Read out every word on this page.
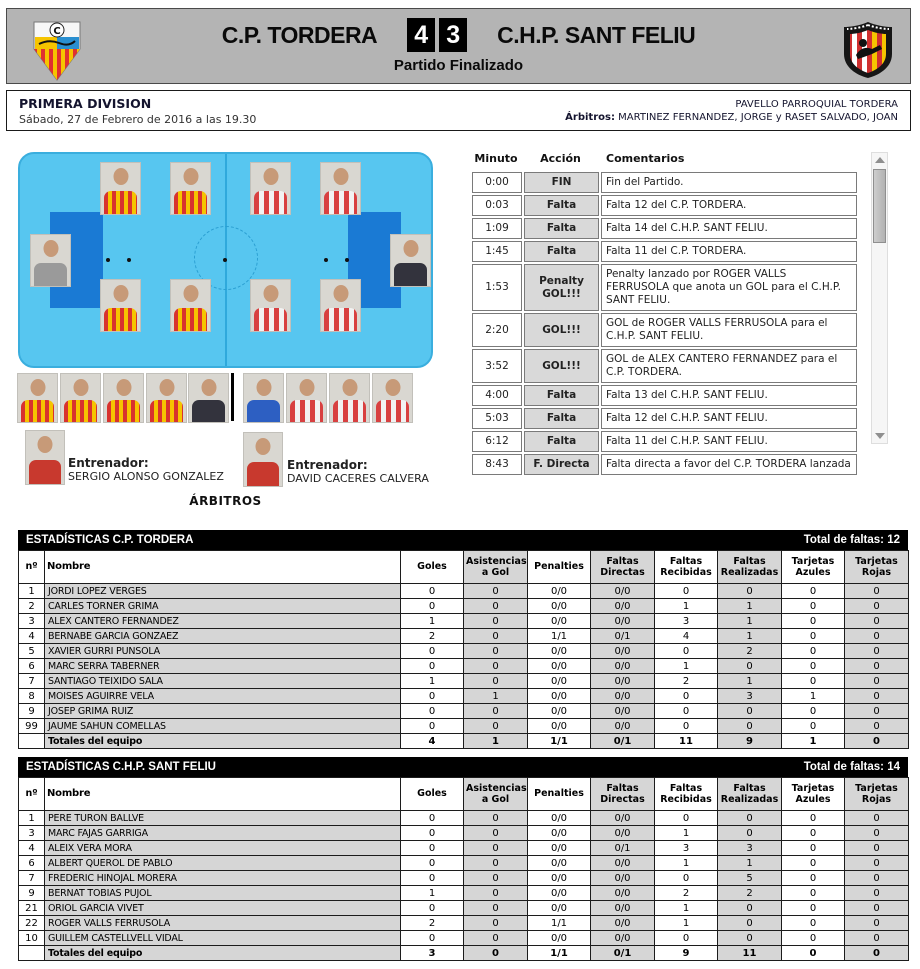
C	C.P. TORDERA 4 3	C.H.P. SANT FELIU
Partido Finalizado
PRIMERA DIVISION
Sábado, 27 de Febrero de 2016 a las 19.30
PAVELLO PARROQUIAL TORDERA
Árbitros: MARTINEZ FERNANDEZ, JORGE y RASET SALVADO, JOAN
Entrenador:
SERGIO ALONSO GONZALEZ
Entrenador:
DAVID CACERES CALVERA
ÁRBITROS
Minuto	Acción	Comentarios
0:00	FIN	Fin del Partido.
0:03	Falta	Falta 12 del C.P. TORDERA.
1:09	Falta	Falta 14 del C.H.P. SANT FELIU.
1:45	Falta	Falta 11 del C.P. TORDERA.
1:53	Penalty GOL!!!	Penalty lanzado por ROGER VALLS FERRUSOLA que anota un GOL para el C.H.P. SANT FELIU.
2:20	GOL!!!	GOL de ROGER VALLS FERRUSOLA para el C.H.P. SANT FELIU.
3:52	GOL!!!	GOL de ALEX CANTERO FERNANDEZ para el C.P. TORDERA.
4:00	Falta	Falta 13 del C.H.P. SANT FELIU.
5:03	Falta	Falta 12 del C.H.P. SANT FELIU.
6:12	Falta	Falta 11 del C.H.P. SANT FELIU.
8:43	F. Directa	Falta directa a favor del C.P. TORDERA lanzada
ESTADÍSTICAS C.P. TORDERA	Total de faltas: 12
nº	Nombre	Goles	Asistencias a Gol	Penalties	Faltas Directas	Faltas Recibidas	Faltas Realizadas	Tarjetas Azules	Tarjetas Rojas
1	JORDI LOPEZ VERGES	0	0	0/0	0/0	0	0	0	0
2	CARLES TORNER GRIMA	0	0	0/0	0/0	1	1	0	0
3	ALEX CANTERO FERNANDEZ	1	0	0/0	0/0	3	1	0	0
4	BERNABE GARCIA GONZAEZ	2	0	1/1	0/1	4	1	0	0
5	XAVIER GURRI PUNSOLA	0	0	0/0	0/0	0	2	0	0
6	MARC SERRA TABERNER	0	0	0/0	0/0	1	0	0	0
7	SANTIAGO TEIXIDO SALA	1	0	0/0	0/0	2	1	0	0
8	MOISES AGUIRRE VELA	0	1	0/0	0/0	0	3	1	0
9	JOSEP GRIMA RUIZ	0	0	0/0	0/0	0	0	0	0
99	JAUME SAHUN COMELLAS	0	0	0/0	0/0	0	0	0	0
	Totales del equipo	4	1	1/1	0/1	11	9	1	0
ESTADÍSTICAS C.H.P. SANT FELIU	Total de faltas: 14
nº	Nombre	Goles	Asistencias a Gol	Penalties	Faltas Directas	Faltas Recibidas	Faltas Realizadas	Tarjetas Azules	Tarjetas Rojas
1	PERE TURON BALLVE	0	0	0/0	0/0	0	0	0	0
3	MARC FAJAS GARRIGA	0	0	0/0	0/0	1	0	0	0
4	ALEIX VERA MORA	0	0	0/0	0/1	3	3	0	0
6	ALBERT QUEROL DE PABLO	0	0	0/0	0/0	1	1	0	0
7	FREDERIC HINOJAL MORERA	0	0	0/0	0/0	0	5	0	0
9	BERNAT TOBIAS PUJOL	1	0	0/0	0/0	2	2	0	0
21	ORIOL GARCIA VIVET	0	0	0/0	0/0	1	0	0	0
22	ROGER VALLS FERRUSOLA	2	0	1/1	0/0	1	0	0	0
10	GUILLEM CASTELLVELL VIDAL	0	0	0/0	0/0	0	0	0	0
	Totales del equipo	3	0	1/1	0/1	9	11	0	0
